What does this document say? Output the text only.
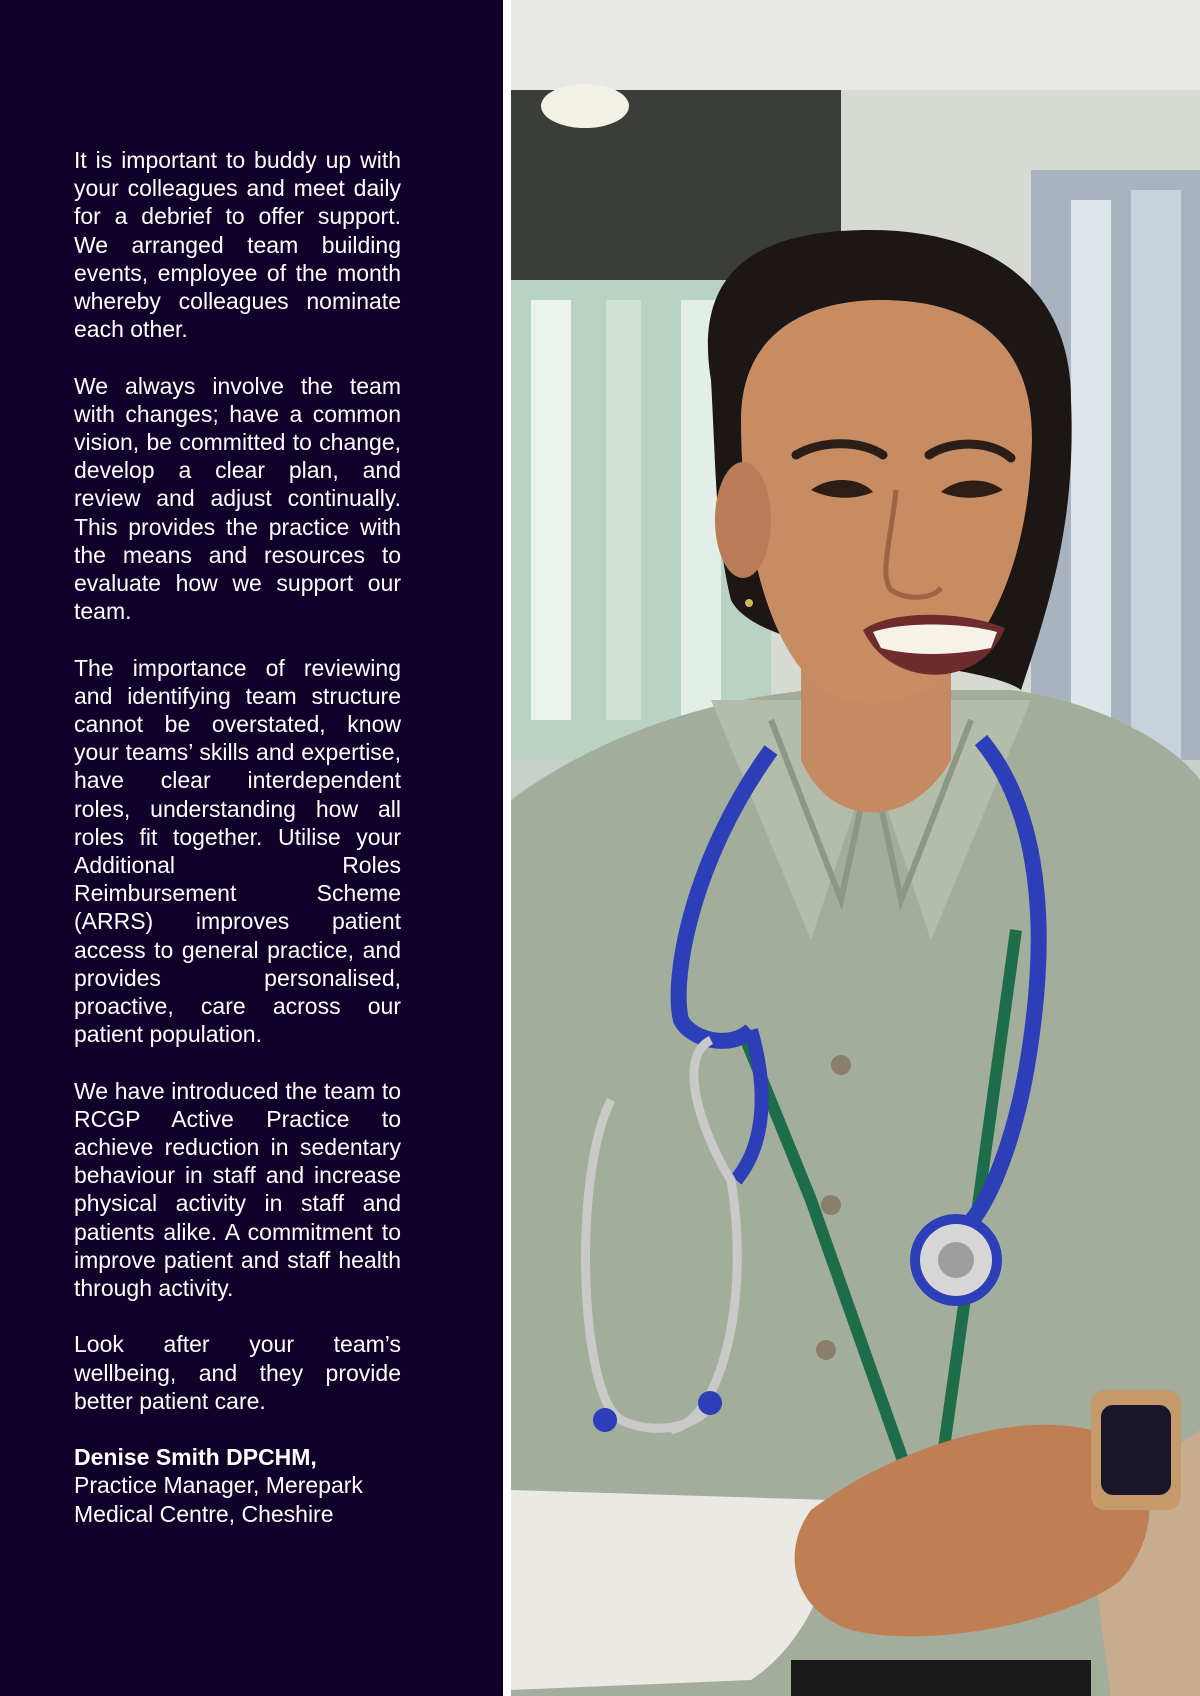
It is important to buddy up with your colleagues and meet daily for a debrief to offer support. We arranged team building events, employee of the month whereby colleagues nominate each other.

We always involve the team with changes; have a common vision, be committed to change, develop a clear plan, and review and adjust continually. This provides the practice with the means and resources to evaluate how we support our team.

The importance of reviewing and identifying team structure cannot be overstated, know your teams’ skills and expertise, have clear interdependent roles, understanding how all roles fit together. Utilise your Additional Roles Reimbursement Scheme (ARRS) improves patient access to general practice, and provides personalised, proactive, care across our patient population.

We have introduced the team to RCGP Active Practice to achieve reduction in sedentary behaviour in staff and increase physical activity in staff and patients alike. A commitment to improve patient and staff health through activity.

Look after your team’s wellbeing, and they provide better patient care.

Denise Smith DPCHM,
Practice Manager, Merepark
Medical Centre, Cheshire
